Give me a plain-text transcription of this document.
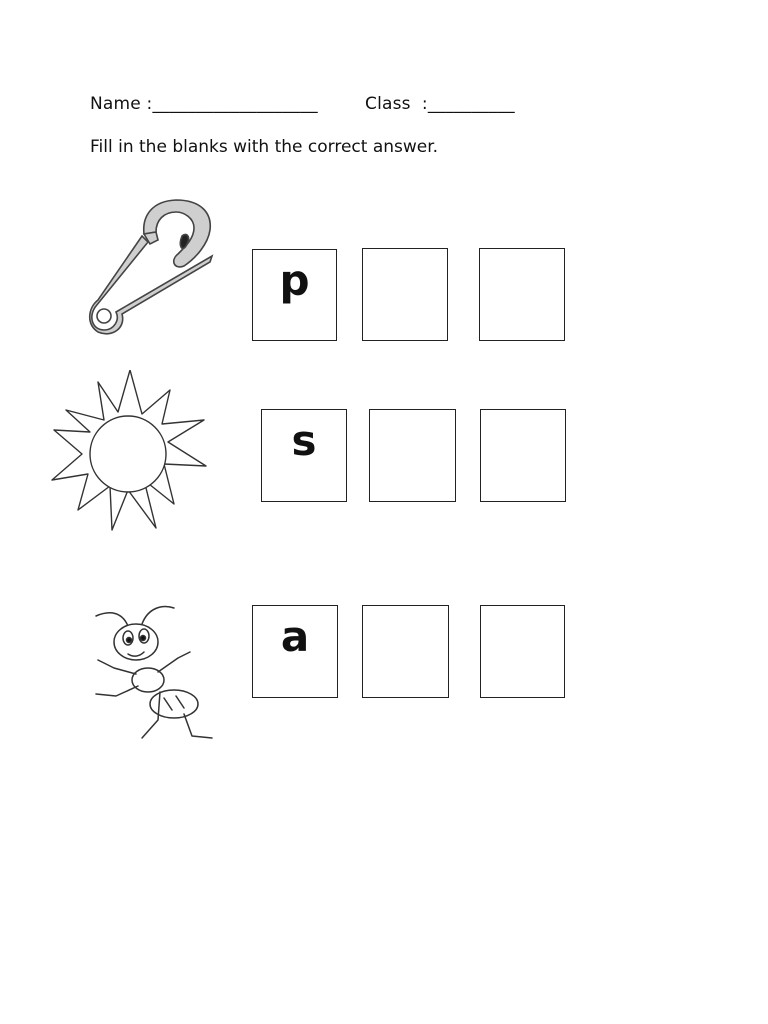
Name :___________________	Class  :__________
Fill in the blanks with the correct answer.
p
s
a
